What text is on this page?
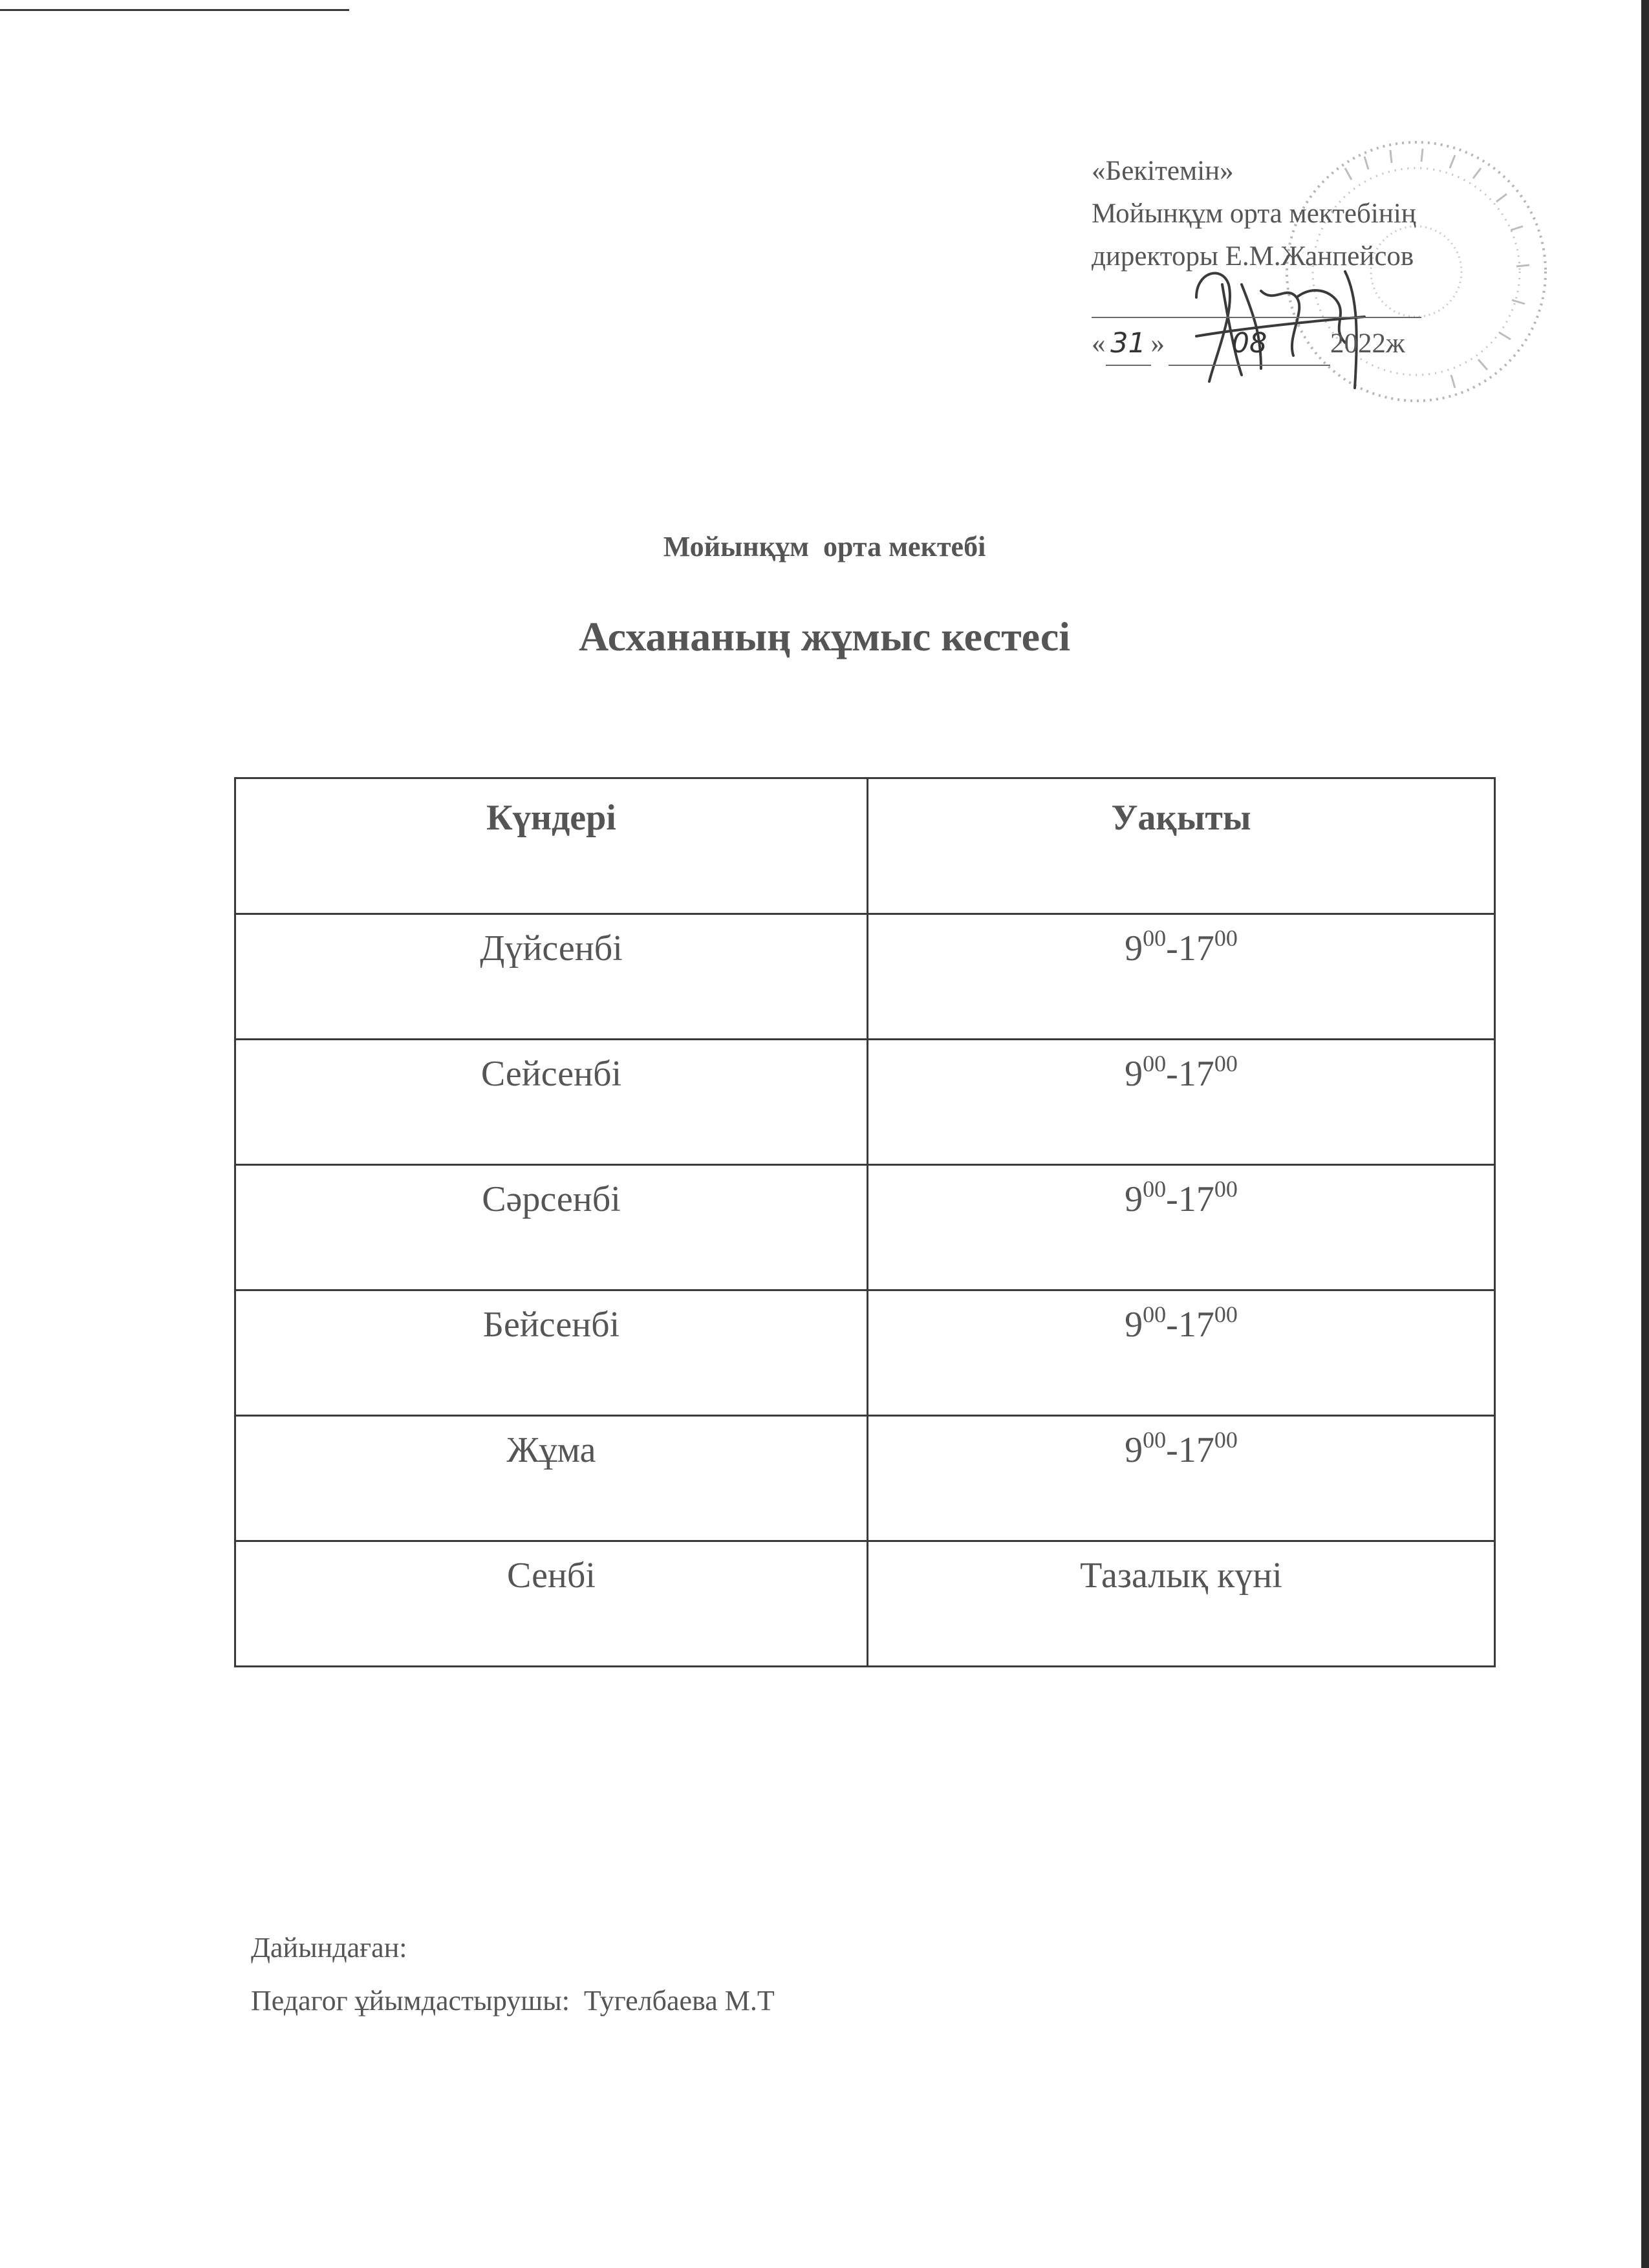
«Бекітемін»
Мойынқұм орта мектебінің
директоры Е.М.Жанпейсов
« 31 » 08 2022ж
Мойынқұм  орта мектебі
Асхананың жұмыс кестесі
Күндері	Уақыты
Дүйсенбі	$9^{00}-17^{00}$
Сейсенбі	$9^{00}-17^{00}$
Сәрсенбі	$9^{00}-17^{00}$
Бейсенбі	$9^{00}-17^{00}$
Жұма	$9^{00}-17^{00}$
Сенбі	Тазалық күні
Дайындаған:
Педагог ұйымдастырушы:  Тугелбаева М.Т
